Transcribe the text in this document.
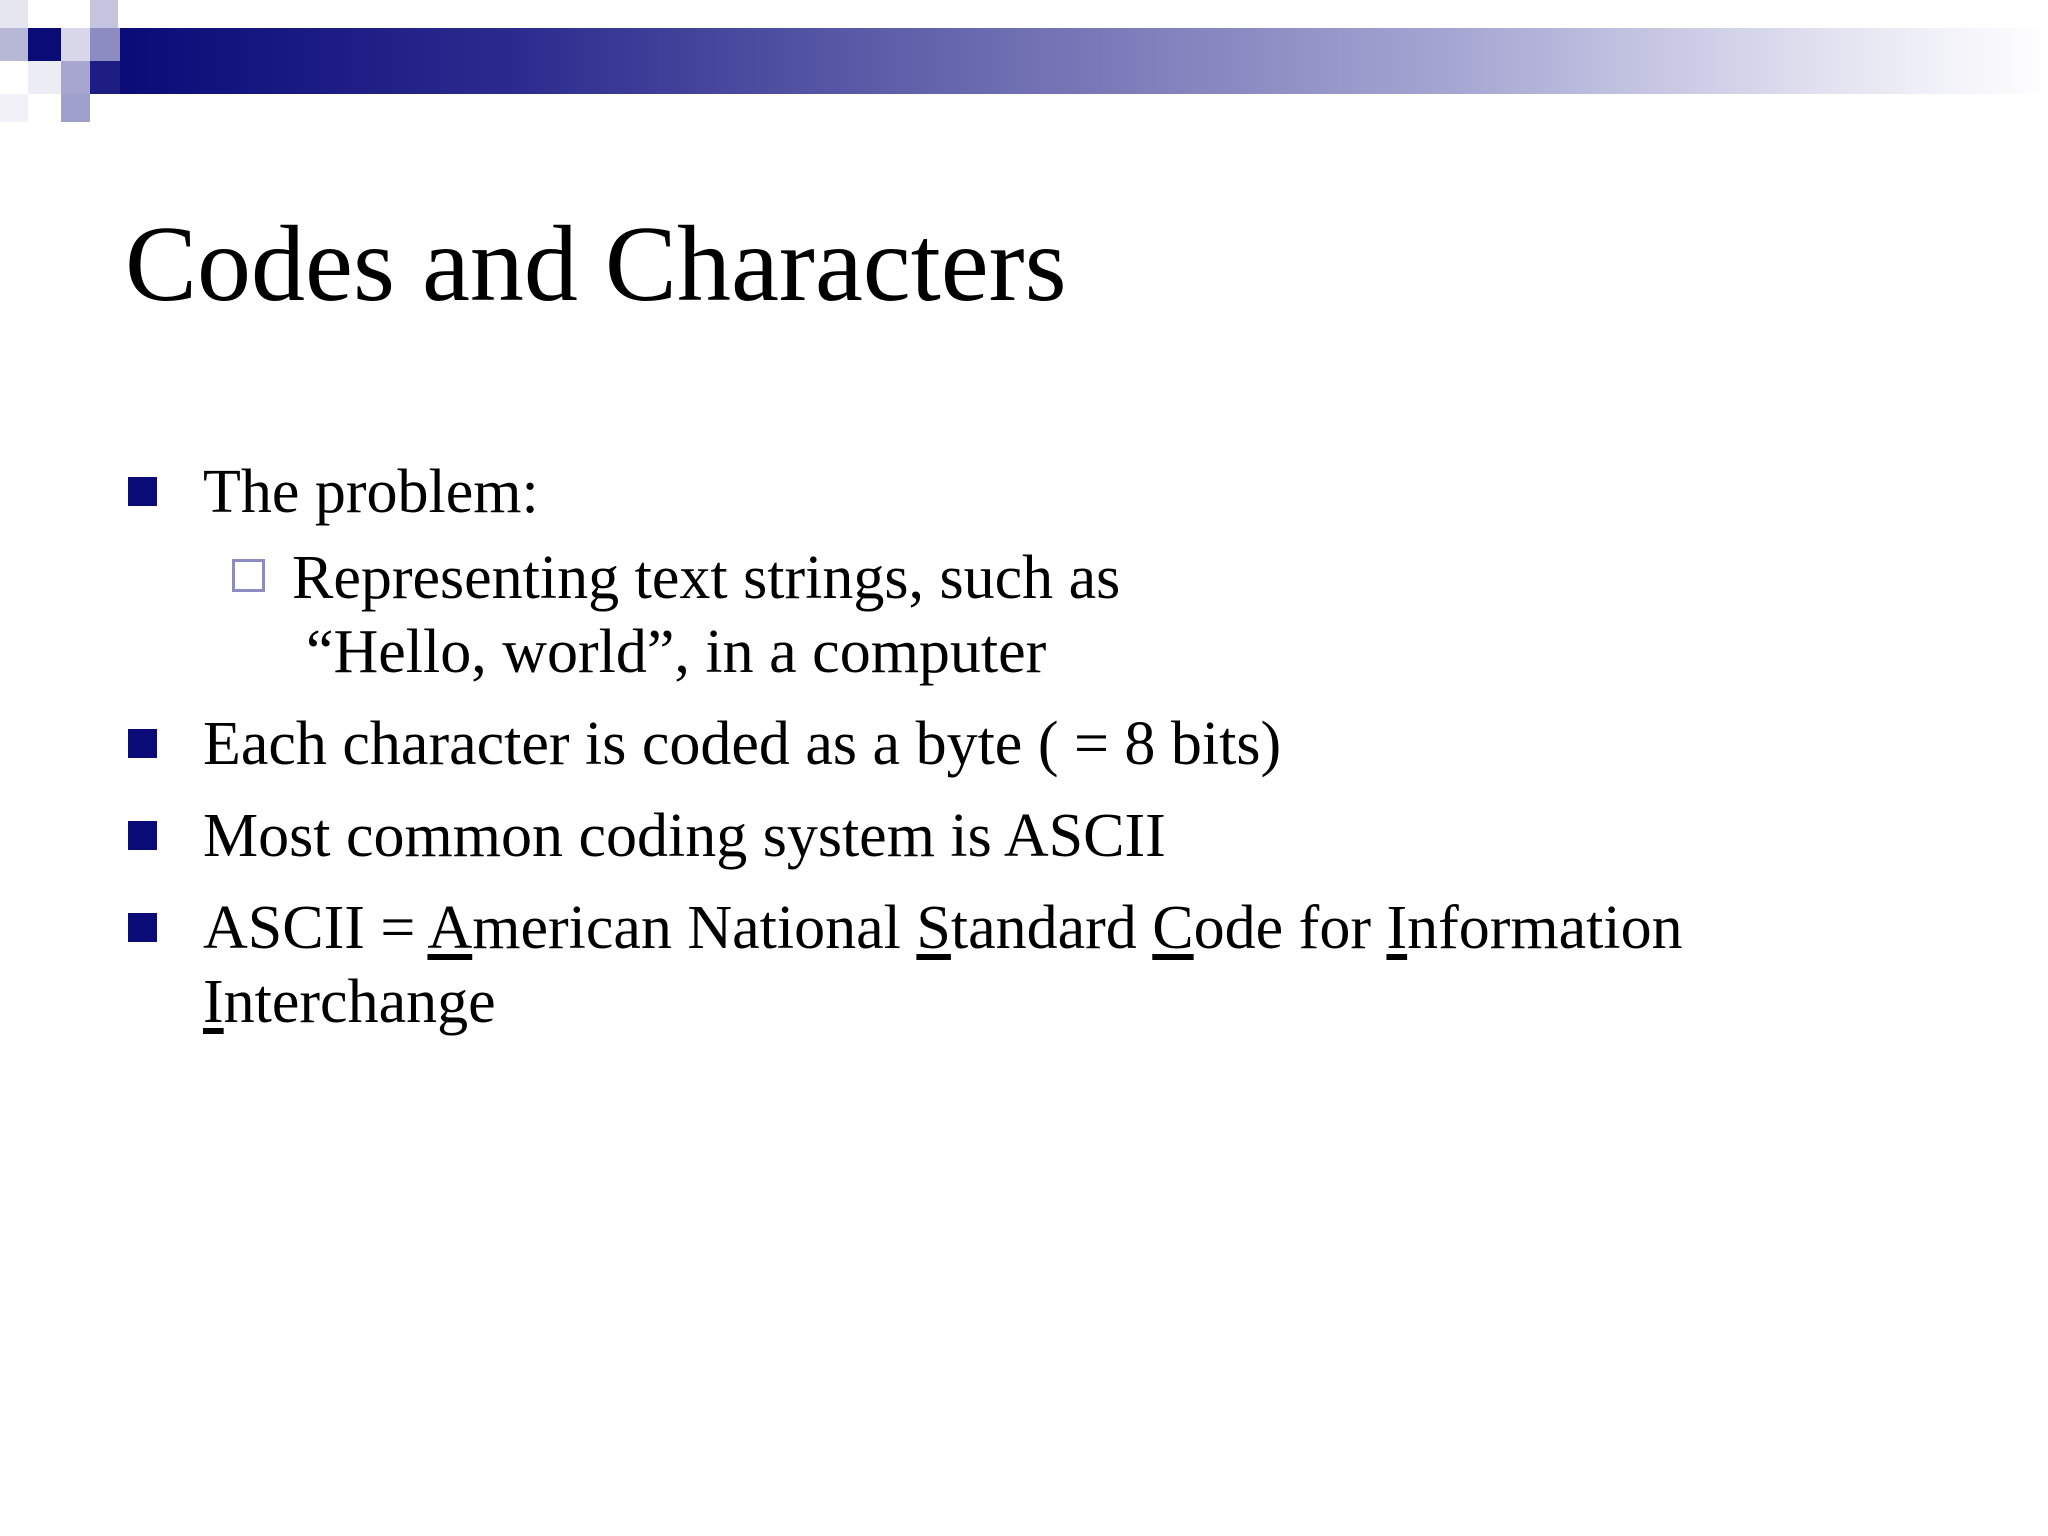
Codes and Characters
The problem:
Representing text strings, such as
“Hello, world”, in a computer
Each character is coded as a byte ( = 8 bits)
Most common coding system is ASCII
ASCII = American National Standard Code for Information Interchange
